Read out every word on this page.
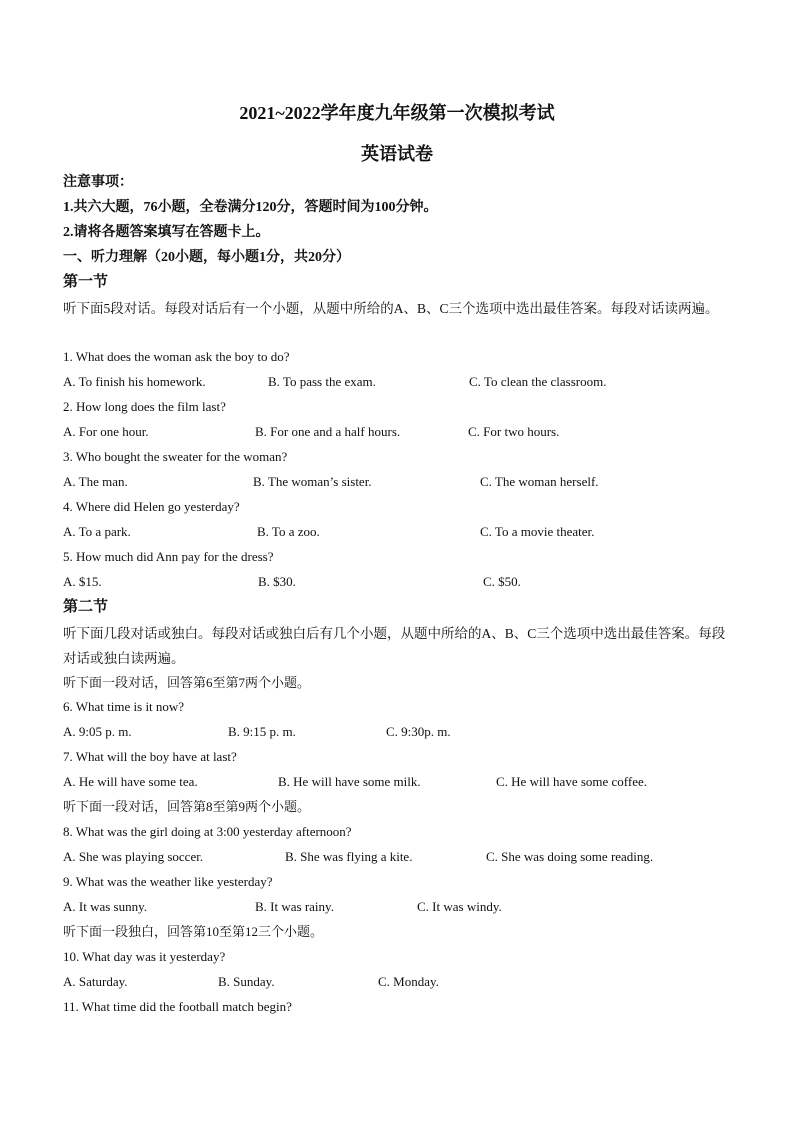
2021~2022学年度九年级第一次模拟考试
英语试卷
注意事项：
1.共六大题，76小题，全卷满分120分，答题时间为100分钟。
2.请将各题答案填写在答题卡上。
一、听力理解（20小题，每小题1分，共20分）
第一节
听下面5段对话。每段对话后有一个小题，从题中所给的A、B、C三个选项中选出最佳答案。每段对话读两遍。
1. What does the woman ask the boy to do?
A. To finish his homework.	B. To pass the exam.	C. To clean the classroom.
2. How long does the film last?
A. For one hour.	B. For one and a half hours.	C. For two hours.
3. Who bought the sweater for the woman?
A. The man.	B. The woman’s sister.	C. The woman herself.
4. Where did Helen go yesterday?
A. To a park.	B. To a zoo.	C. To a movie theater.
5. How much did Ann pay for the dress?
A. $15.	B. $30.	C. $50.
第二节
听下面几段对话或独白。每段对话或独白后有几个小题，从题中所给的A、B、C三个选项中选出最佳答案。每段对话或独白读两遍。
听下面一段对话，回答第6至第7两个小题。
6. What time is it now?
A. 9:05 p. m.	B. 9:15 p. m.	C. 9:30p. m.
7. What will the boy have at last?
A. He will have some tea.	B. He will have some milk.	C. He will have some coffee.
听下面一段对话，回答第8至第9两个小题。
8. What was the girl doing at 3:00 yesterday afternoon?
A. She was playing soccer.	B. She was flying a kite.	C. She was doing some reading.
9. What was the weather like yesterday?
A. It was sunny.	B. It was rainy.	C. It was windy.
听下面一段独白，回答第10至第12三个小题。
10. What day was it yesterday?
A. Saturday.	B. Sunday.	C. Monday.
11. What time did the football match begin?
